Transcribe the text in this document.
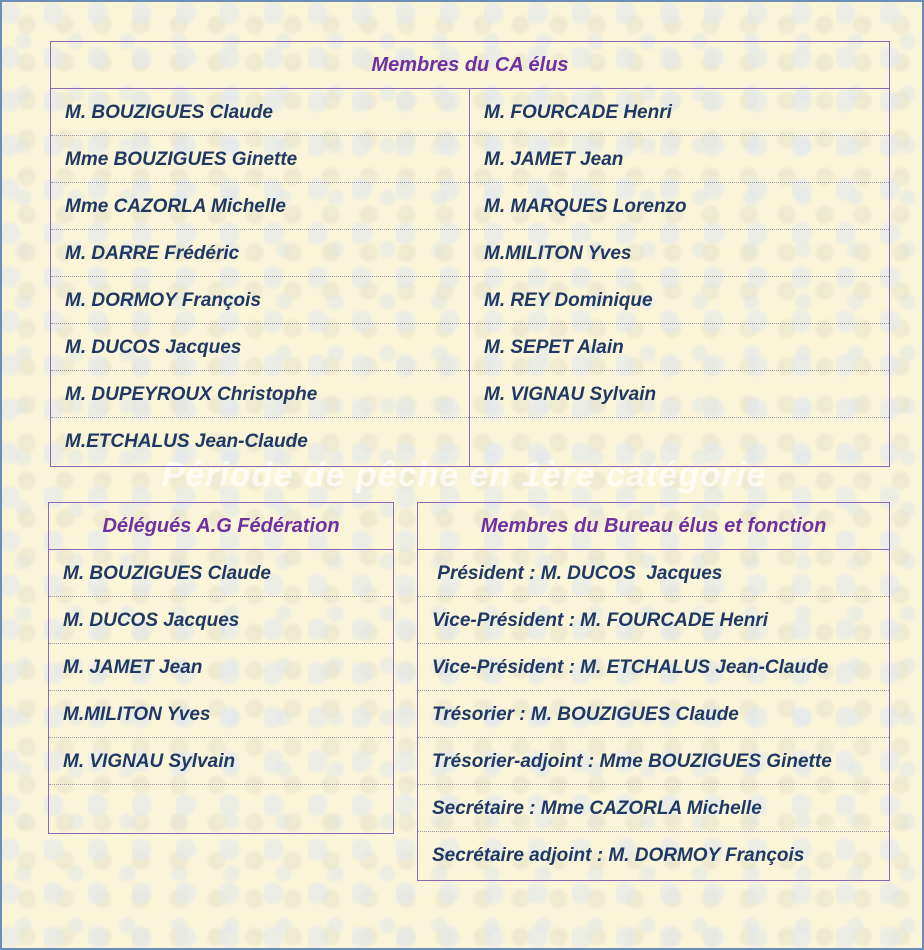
Période de pêche en 1ère catégorie
Membres du CA élus
M. BOUZIGUES Claude
Mme BOUZIGUES Ginette
Mme CAZORLA Michelle
M. DARRE Frédéric
M. DORMOY François
M. DUCOS Jacques
M. DUPEYROUX Christophe
M.ETCHALUS Jean-Claude
M. FOURCADE Henri
M. JAMET Jean
M. MARQUES Lorenzo
M.MILITON Yves
M. REY Dominique
M. SEPET Alain
M. VIGNAU Sylvain
Délégués A.G Fédération
M. BOUZIGUES Claude
M. DUCOS Jacques
M. JAMET Jean
M.MILITON Yves
M. VIGNAU Sylvain
Membres du Bureau élus et fonction
Président : M. DUCOS  Jacques
Vice-Président : M. FOURCADE Henri
Vice-Président : M. ETCHALUS Jean-Claude
Trésorier : M. BOUZIGUES Claude
Trésorier-adjoint : Mme BOUZIGUES Ginette
Secrétaire : Mme CAZORLA Michelle
Secrétaire adjoint : M. DORMOY François
